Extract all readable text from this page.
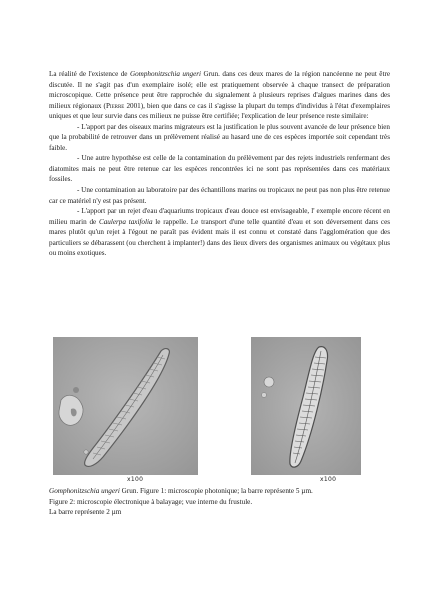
La réalité de l'existence de Gomphonitzschia ungeri Grun. dans ces deux mares de la région nancéenne ne peut être discutée. Il ne s'agit pas d'un exemplaire isolé; elle est pratiquement observée à chaque transect de préparation microscopique. Cette présence peut être rapprochée du signalement à plusieurs reprises d'algues marines dans des milieux régionaux (Pierre 2001), bien que dans ce cas il s'agisse la plupart du temps d'individus à l'état d'exemplaires uniques et que leur survie dans ces milieux ne puisse être certifiée; l'explication de leur présence reste similaire:

- L'apport par des oiseaux marins migrateurs est la justification le plus souvent avancée de leur présence bien que la probabilité de retrouver dans un prélèvement réalisé au hasard une de ces espèces importée soit cependant très faible.

- Une autre hypothèse est celle de la contamination du prélèvement par des rejets industriels renfermant des diatomites mais ne peut être retenue car les espèces rencontrées ici ne sont pas représentées dans ces matériaux fossiles.

- Une contamination au laboratoire par des échantillons marins ou tropicaux ne peut pas non plus être retenue car ce matériel n'y est pas présent.

- L'apport par un rejet d'eau d'aquariums tropicaux d'eau douce est envisageable, l' exemple encore récent en milieu marin de Caulerpa taxifolia le rappelle. Le transport d'une telle quantité d'eau et son déversement dans ces mares plutôt qu'un rejet à l'égout ne paraît pas évident mais il est connu et constaté dans l'agglomération que des particuliers se débarassent (ou cherchent à implanter!) dans des lieux divers des organismes animaux ou végétaux plus ou moins exotiques.

x100	x100

Gomphonitzschia ungeri Grun. Figure 1: microscopie photonique; la barre représente 5 µm.

Figure 2: microscopie électronique à balayage; vue interne du frustule.

La barre représente 2 µm
